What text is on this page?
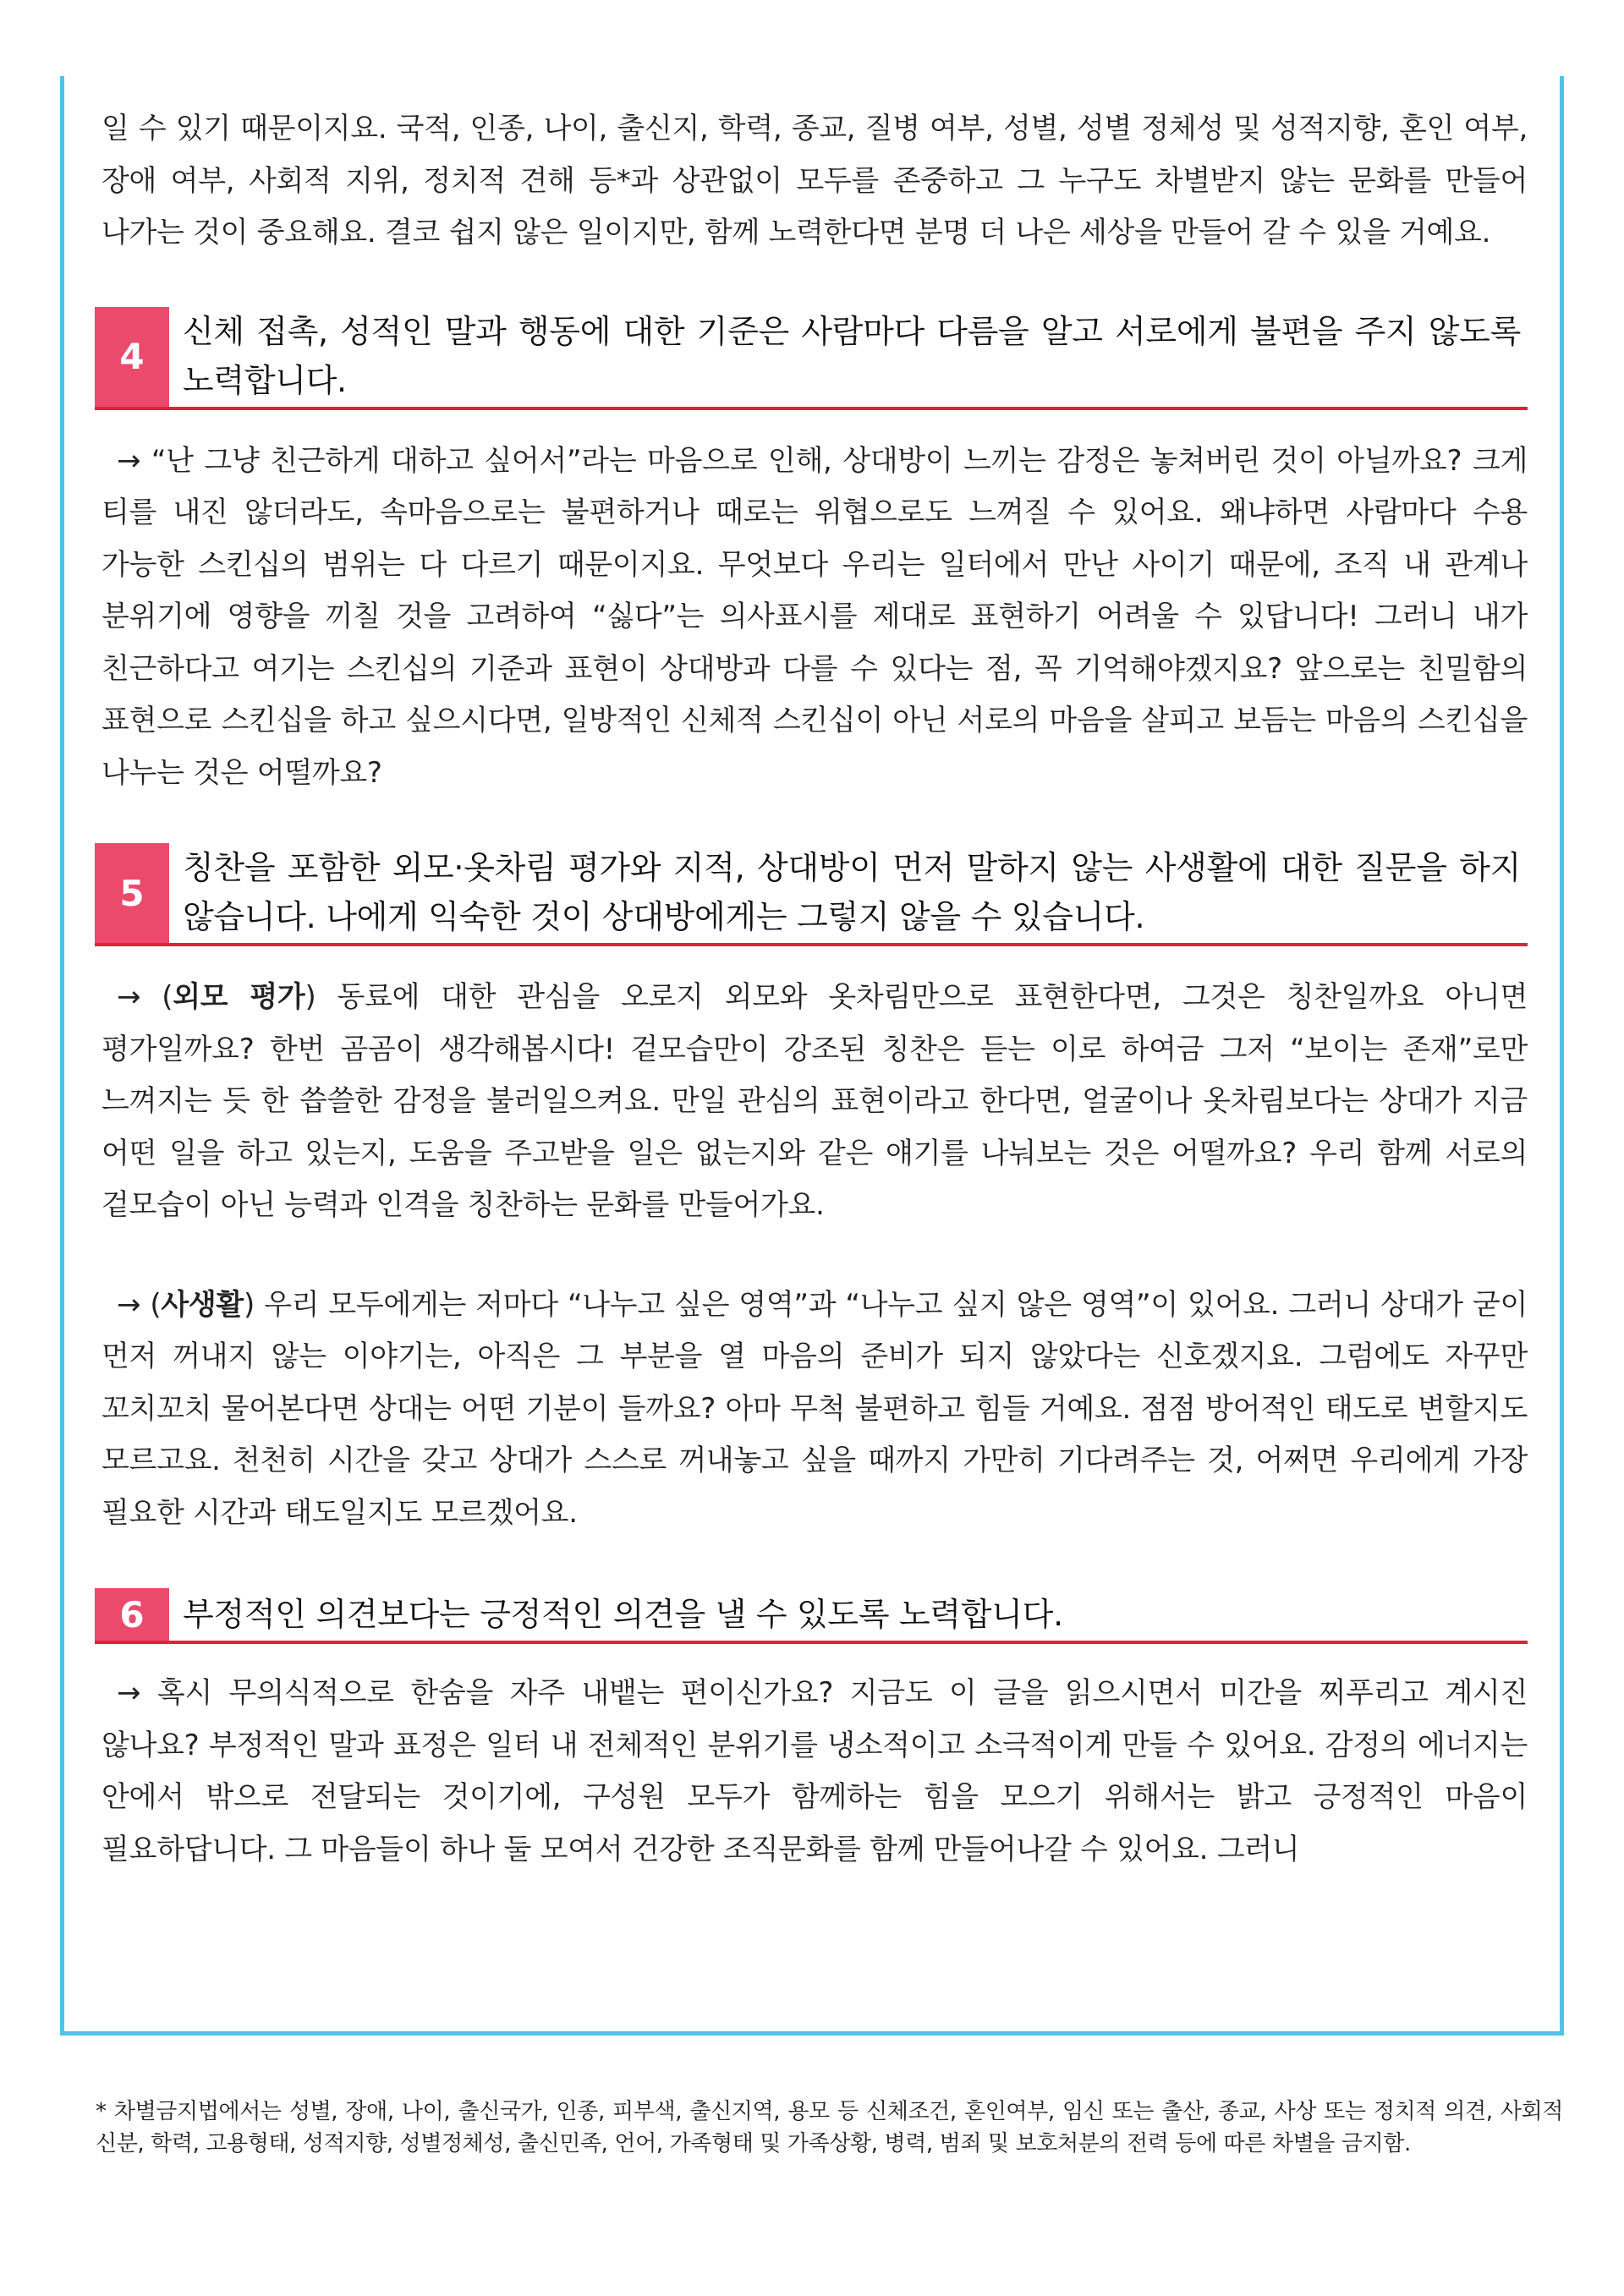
일 수 있기 때문이지요. 국적, 인종, 나이, 출신지, 학력, 종교, 질병 여부, 성별, 성별 정체성 및 성적지향, 혼인 여부, 장애 여부, 사회적 지위, 정치적 견해 등*과 상관없이 모두를 존중하고 그 누구도 차별받지 않는 문화를 만들어 나가는 것이 중요해요. 결코 쉽지 않은 일이지만, 함께 노력한다면 분명 더 나은 세상을 만들어 갈 수 있을 거예요.

4
신체 접촉, 성적인 말과 행동에 대한 기준은 사람마다 다름을 알고 서로에게 불편을 주지 않도록 노력합니다.

→ “난 그냥 친근하게 대하고 싶어서”라는 마음으로 인해, 상대방이 느끼는 감정은 놓쳐버린 것이 아닐까요? 크게 티를 내진 않더라도, 속마음으로는 불편하거나 때로는 위협으로도 느껴질 수 있어요. 왜냐하면 사람마다 수용 가능한 스킨십의 범위는 다 다르기 때문이지요. 무엇보다 우리는 일터에서 만난 사이기 때문에, 조직 내 관계나 분위기에 영향을 끼칠 것을 고려하여 “싫다”는 의사표시를 제대로 표현하기 어려울 수 있답니다! 그러니 내가 친근하다고 여기는 스킨십의 기준과 표현이 상대방과 다를 수 있다는 점, 꼭 기억해야겠지요? 앞으로는 친밀함의 표현으로 스킨십을 하고 싶으시다면, 일방적인 신체적 스킨십이 아닌 서로의 마음을 살피고 보듬는 마음의 스킨십을 나누는 것은 어떨까요?

5
칭찬을 포함한 외모·옷차림 평가와 지적, 상대방이 먼저 말하지 않는 사생활에 대한 질문을 하지 않습니다. 나에게 익숙한 것이 상대방에게는 그렇지 않을 수 있습니다.

→ (외모 평가) 동료에 대한 관심을 오로지 외모와 옷차림만으로 표현한다면, 그것은 칭찬일까요 아니면 평가일까요? 한번 곰곰이 생각해봅시다! 겉모습만이 강조된 칭찬은 듣는 이로 하여금 그저 “보이는 존재”로만 느껴지는 듯 한 씁쓸한 감정을 불러일으켜요. 만일 관심의 표현이라고 한다면, 얼굴이나 옷차림보다는 상대가 지금 어떤 일을 하고 있는지, 도움을 주고받을 일은 없는지와 같은 얘기를 나눠보는 것은 어떨까요? 우리 함께 서로의 겉모습이 아닌 능력과 인격을 칭찬하는 문화를 만들어가요.

→ (사생활) 우리 모두에게는 저마다 “나누고 싶은 영역”과 “나누고 싶지 않은 영역”이 있어요. 그러니 상대가 굳이 먼저 꺼내지 않는 이야기는, 아직은 그 부분을 열 마음의 준비가 되지 않았다는 신호겠지요. 그럼에도 자꾸만 꼬치꼬치 물어본다면 상대는 어떤 기분이 들까요? 아마 무척 불편하고 힘들 거예요. 점점 방어적인 태도로 변할지도 모르고요. 천천히 시간을 갖고 상대가 스스로 꺼내놓고 싶을 때까지 가만히 기다려주는 것, 어쩌면 우리에게 가장 필요한 시간과 태도일지도 모르겠어요.

6	부정적인 의견보다는 긍정적인 의견을 낼 수 있도록 노력합니다.

→ 혹시 무의식적으로 한숨을 자주 내뱉는 편이신가요? 지금도 이 글을 읽으시면서 미간을 찌푸리고 계시진 않나요? 부정적인 말과 표정은 일터 내 전체적인 분위기를 냉소적이고 소극적이게 만들 수 있어요. 감정의 에너지는 안에서 밖으로 전달되는 것이기에, 구성원 모두가 함께하는 힘을 모으기 위해서는 밝고 긍정적인 마음이 필요하답니다. 그 마음들이 하나 둘 모여서 건강한 조직문화를 함께 만들어나갈 수 있어요. 그러니

* 차별금지법에서는 성별, 장애, 나이, 출신국가, 인종, 피부색, 출신지역, 용모 등 신체조건, 혼인여부, 임신 또는 출산, 종교, 사상 또는 정치적 의견, 사회적 신분, 학력, 고용형태, 성적지향, 성별정체성, 출신민족, 언어, 가족형태 및 가족상황, 병력, 범죄 및 보호처분의 전력 등에 따른 차별을 금지함.
